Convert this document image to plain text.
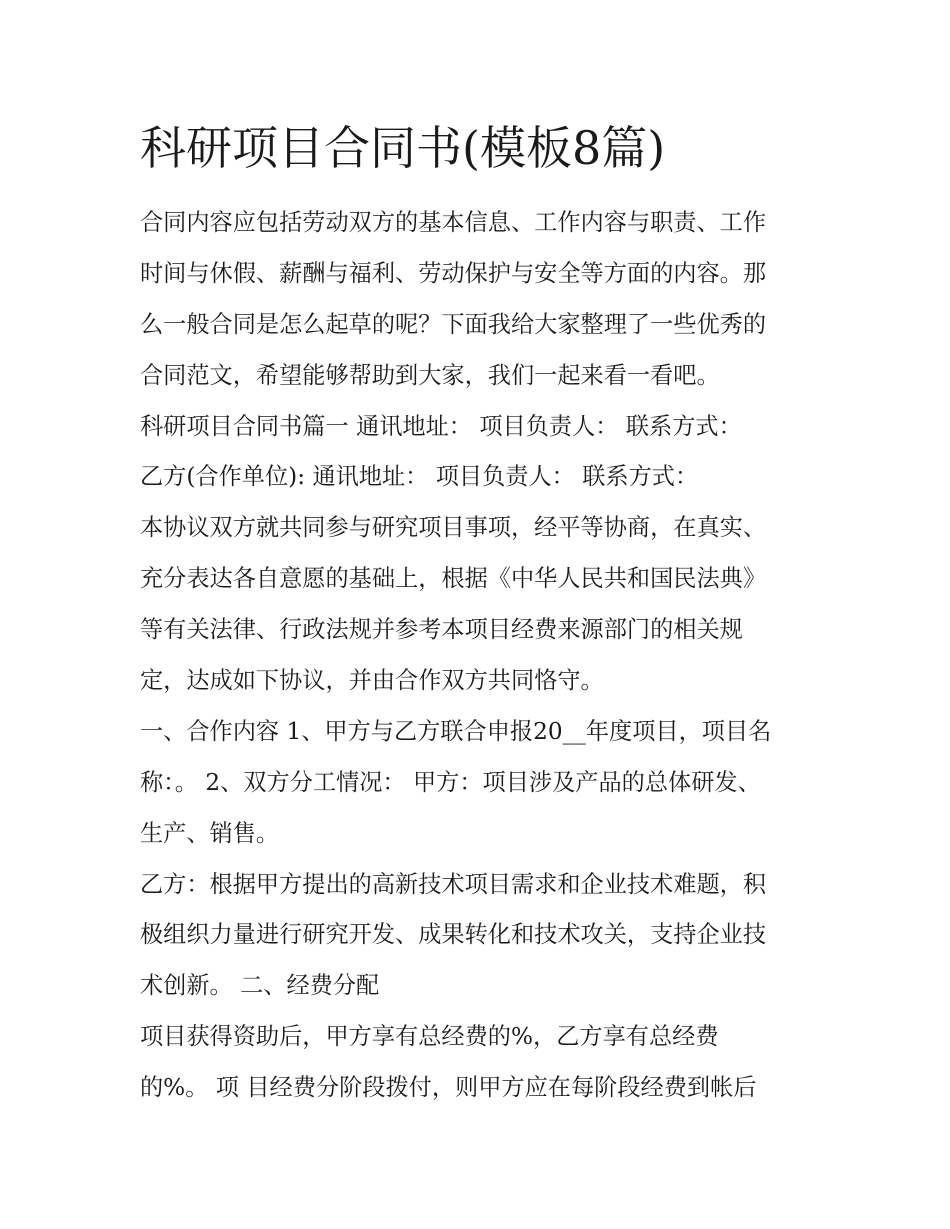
科研项目合同书(模板8篇)
合同内容应包括劳动双方的基本信息、工作内容与职责、工作
时间与休假、薪酬与福利、劳动保护与安全等方面的内容。那
么一般合同是怎么起草的呢？下面我给大家整理了一些优秀的
合同范文，希望能够帮助到大家，我们一起来看一看吧。
科研项目合同书篇一 通讯地址： 项目负责人： 联系方式：
乙方(合作单位): 通讯地址： 项目负责人： 联系方式：
本协议双方就共同参与研究项目事项，经平等协商，在真实、
充分表达各自意愿的基础上，根据《中华人民共和国民法典》
等有关法律、行政法规并参考本项目经费来源部门的相关规
定，达成如下协议，并由合作双方共同恪守。
一、合作内容 1、甲方与乙方联合申报20__年度项目，项目名
称：。 2、双方分工情况： 甲方：项目涉及产品的总体研发、
生产、销售。
乙方：根据甲方提出的高新技术项目需求和企业技术难题，积
极组织力量进行研究开发、成果转化和技术攻关，支持企业技
术创新。 二、经费分配
项目获得资助后，甲方享有总经费的%，乙方享有总经费
的%。 项 目经费分阶段拨付，则甲方应在每阶段经费到帐后
